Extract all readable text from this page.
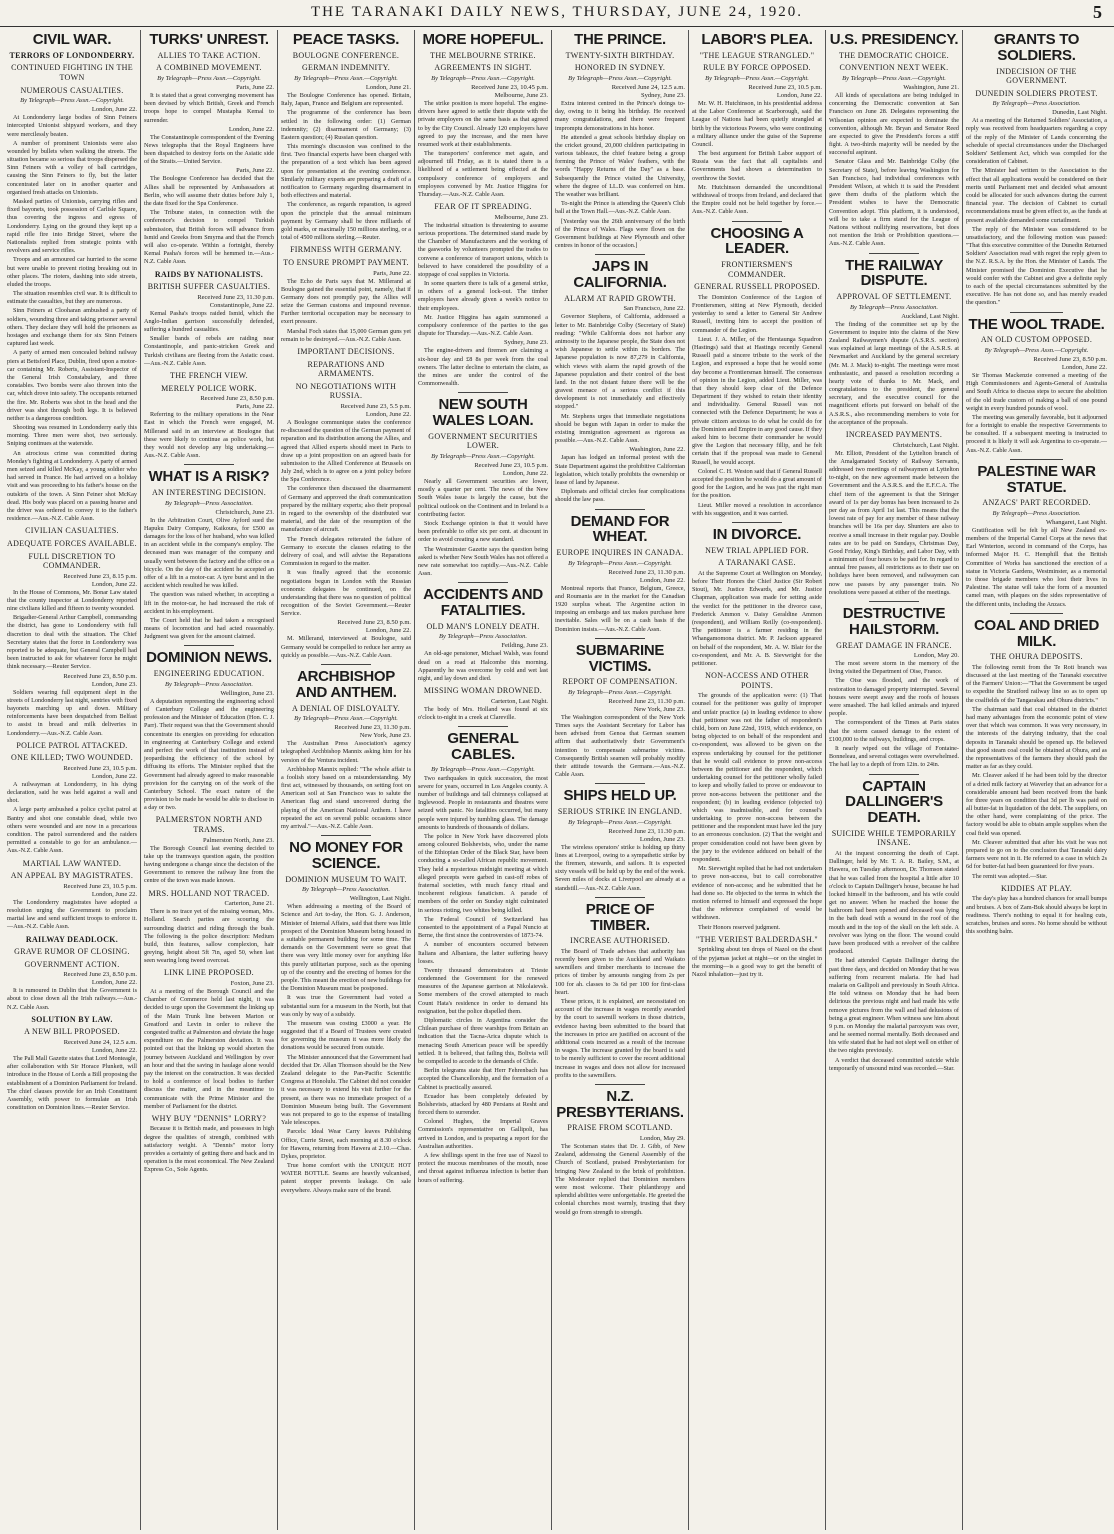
THE TARANAKI DAILY NEWS, THURSDAY, JUNE 24, 1920.	5
CIVIL WAR.
TERRORS OF LONDONDERRY.
CONTINUED FIGHTING IN THE TOWN
NUMEROUS CASUALTIES.
By Telegraph—Press Assn.—Copyright.
London, June 22.

At Londonderry large bodies of Sinn Feiners intercepted Unionist shipyard workers, and they were mercilessly beaten.

A number of prominent Unionists were also wounded by bullets when walking the streets. The situation became so serious that troops dispersed the Sinn Feiners with a volley of ball cartridges, causing the Sinn Feiners to fly, but the latter concentrated later on in another quarter and organised fresh attacks on Unionists.

Masked parties of Unionists, carrying rifles and fixed bayonets, took possession of Carlisle Square, thus covering the ingress and egress of Londonderry. Lying on the ground they kept up a rapid rifle fire into Bridge Street, where the Nationalists replied from strategic points with revolvers and service rifles.

Troops and an armoured car hurried to the scene but were unable to prevent rioting breaking out in other places. The rioters, dashing into side streets, eluded the troops.

The situation resembles civil war. It is difficult to estimate the casualties, but they are numerous.

Sinn Feiners at Clooharan ambushed a party of soldiers, wounding three and taking prisoner several others. They declare they will hold the prisoners as hostages and exchange them for six Sinn Feiners captured last week.

A party of armed men concealed behind railway piers at Bettsford Place, Dublin, fired upon a motor-car containing Mr. Roberts, Assistant-Inspector of the General Irish Constabulary, and three constables. Two bombs were also thrown into the car, which drove into safety. The occupants returned the fire. Mr. Roberts was shot in the head and the driver was shot through both legs. It is believed neither is a dangerous condition.

Shooting was resumed in Londonderry early this morning. Three men were shot, two seriously. Sniping continues at the waterside.

An atrocious crime was committed during Monday's fighting at Londonderry. A party of armed men seized and killed McKay, a young soldier who had served in France. He had arrived on a holiday visit and was proceeding to his father's house on the outskirts of the town. A Sinn Feiner shot McKay dead. His body was placed on a passing hearse and the driver was ordered to convey it to the father's residence.—Aus.-N.Z. Cable Assn.

CIVILIAN CASUALTIES.
ADEQUATE FORCES AVAILABLE.
FULL DISCRETION TO COMMANDER.
Received June 23, 8.15 p.m.
London, June 22.

In the House of Commons, Mr. Bonar Law stated that the county inspector at Londonderry reported nine civilians killed and fifteen to twenty wounded.

Brigadier-General Arthur Campbell, commanding the district, has gone to Londonderry with full discretion to deal with the situation. The Chief Secretary states that the force in Londonderry was reported to be adequate, but General Campbell had been instructed to ask for whatever force he might think necessary.—Reuter Service.

Received June 23, 8.50 p.m.
London, June 23.

Soldiers wearing full equipment slept in the streets of Londonderry last night, sentries with fixed bayonets marching up and down. Military reinforcements have been despatched from Belfast to assist in bread and milk deliveries in Londonderry.—Aus.-N.Z. Cable Assn.

POLICE PATROL ATTACKED.
ONE KILLED; TWO WOUNDED.
Received June 23, 10.5 p.m.
London, June 22.

A railwayman at Londonderry, in his dying declaration, said he was held against a wall and shot.

A large party ambushed a police cyclist patrol at Bantry and shot one constable dead, while two others were wounded and are now in a precarious condition. The patrol surrendered and the raiders permitted a constable to go for an ambulance.—Aus.-N.Z. Cable Assn.

MARTIAL LAW WANTED.
AN APPEAL BY MAGISTRATES.
Received June 23, 10.5 p.m.
London, June 22.

The Londonderry magistrates have adopted a resolution urging the Government to proclaim martial law and send sufficient troops to enforce it.—Aus.-N.Z. Cable Assn.

RAILWAY DEADLOCK.
GRAVE RUMOR OF CLOSING.
GOVERNMENT ACTION.
Received June 23, 8.50 p.m.
London, June 22.

It is rumoured in Dublin that the Government is about to close down all the Irish railways.—Aus.-N.Z. Cable Assn.

SOLUTION BY LAW.
A NEW BILL PROPOSED.
Received June 24, 12.5 a.m.
London, June 22.

The Pall Mall Gazette states that Lord Monteagle, after collaboration with Sir Horace Plunkett, will introduce in the House of Lords a Bill proposing the establishment of a Dominion Parliament for Ireland. The chief clauses provide for an Irish Constituent Assembly, with power to formulate an Irish constitution on Dominion lines.—Reuter Service.

TURKS' UNREST.
ALLIES TO TAKE ACTION.
A COMBINED MOVEMENT.
By Telegraph—Press Assn.—Copyright.
Paris, June 22.

It is stated that a great converging movement has been devised by which British, Greek and French troops hope to compel Mustapha Kemal to surrender.

London, June 22.

The Constantinople correspondent of the Evening News telegraphs that the Royal Engineers have been dispatched to destroy forts on the Asiatic side of the Straits.—United Service.

Paris, June 22.

The Boulogne Conference has decided that the Allies shall be represented by Ambassadors at Berlin, who will assume their duties before July 1, the date fixed for the Spa Conference.

The Tribune states, in connection with the conference's decision to compel Turkish submission, that British forces will advance from Ismid and Greeks from Smyrna and that the French will also co-operate. Within a fortnight, thereby Kemal Pasha's forces will be hemmed in.—Aus.-N.Z. Cable Assn.

RAIDS BY NATIONALISTS.
BRITISH SUFFER CASUALTIES.
Received June 23, 11.30 p.m.
Constantinople, June 22.

Kemal Pasha's troops raided Ismid, which the Anglo-Indian garrison successfully defended, suffering a hundred casualties.

Smaller bands of rebels are raiding near Constantinople, and panic-stricken Greek and Turkish civilians are fleeing from the Asiatic coast.—Aus.-N.Z. Cable Assn.

THE FRENCH VIEW.
MERELY POLICE WORK.
Received June 23, 8.50 p.m.
Paris, June 22.

Referring to the military operations in the Near East in which the French were engaged, M. Millerand said in an interview at Boulogne that these were likely to continue as police work, but they would not develop any big undertaking.—Aus.-N.Z. Cable Assn.

WHAT IS A RISK?
AN INTERESTING DECISION.
By Telegraph—Press Association.
Christchurch, June 23.

In the Arbitration Court, Olive Ayford sued the Hapuku Dairy Company, Kaikoura, for £500 as damages for the loss of her husband, who was killed in an accident while in the company's employ. The deceased man was manager of the company and usually went between the factory and the office on a bicycle. On the day of the accident he accepted an offer of a lift in a motor-car. A tyre burst and in the accident which resulted he was killed.

The question was raised whether, in accepting a lift in the motor-car, he had increased the risk of accident in his employment.

The Court held that he had taken a recognised means of locomotion and had acted reasonably. Judgment was given for the amount claimed.

DOMINION NEWS.
ENGINEERING EDUCATION.
By Telegraph—Press Association.
Wellington, June 23.

A deputation representing the engineering school of Canterbury College and the engineering profession and the Minister of Education (Hon. C. J. Parr). Their request was that the Government should concentrate its energies on providing for education in engineering at Canterbury College and extend and perfect the work of that institution instead of jeopardising the efficiency of the school by diffusing its efforts. The Minister replied that the Government had already agreed to make reasonable provision for the carrying on of the work of the Canterbury School. The exact nature of the provision to be made he would be able to disclose in a day or two.

PALMERSTON NORTH AND TRAMS.
Palmerston North, June 23.

The Borough Council last evening decided to take up the tramways question again, the position having undergone a change since the decision of the Government to remove the railway line from the centre of the town was made known.

MRS. HOLLAND NOT TRACED.
Carterton, June 21.

There is no trace yet of the missing woman, Mrs. Holland. Search parties are scouring the surrounding district and riding through the bush. The following is the police description: Medium build, thin features, sallow complexion, hair greying, height about 5ft 7in, aged 50, when last seen wearing long tweed overcoat.

LINK LINE PROPOSED.
Foxton, June 23.

At a meeting of the Borough Council and the Chamber of Commerce held last night, it was decided to urge upon the Government the linking up of the Main Trunk line between Marton or Greatford and Levin in order to relieve the congested traffic at Palmerston and obviate the huge expenditure on the Palmerston deviation. It was pointed out that the linking up would shorten the journey between Auckland and Wellington by over an hour and that the saving in haulage alone would pay the interest on the construction. It was decided to hold a conference of local bodies to further discuss the matter, and in the meantime to communicate with the Prime Minister and the member of Parliament for the district.

WHY BUY "DENNIS" LORRY?

Because it is British made, and possesses in high degree the qualities of strength, combined with satisfactory weight. A "Dennis" motor lorry provides a certainty of getting there and back and in operation is the most economical. The New Zealand Express Co., Sole Agents.

PEACE TASKS.
BOULOGNE CONFERENCE.
GERMAN INDEMNITY.
By Telegraph—Press Assn.—Copyright.
London, June 21.

The Boulogne Conference has opened. Britain, Italy, Japan, France and Belgium are represented.

The programme of the conference has been settled in the following order: (1) German indemnity; (2) disarmament of Germany; (3) Eastern question; (4) Russian question.

This morning's discussion was confined to the first. Two financial experts have been charged with the preparation of a text which has been agreed upon for presentation at the evening conference. Similarly military experts are preparing a draft of a notification to Germany regarding disarmament in both effectives and material.

The conference, as regards reparation, is agreed upon the principle that the annual minimum payment by Germany shall be three milliards of gold marks, or maximally 150 millions sterling, or a total of 4500 millions sterling.—Reuter.

FIRMNESS WITH GERMANY.
TO ENSURE PROMPT PAYMENT.
Paris, June 22.

The Echo de Paris says that M. Millerand at Boulogne gained the essential point, namely, that if Germany does not promptly pay, the Allies will seize the German customs and impound revenue. Further territorial occupation may be necessary to exert pressure.

Marshal Foch states that 15,000 German guns yet remain to be destroyed.—Aus.-N.Z. Cable Assn.

IMPORTANT DECISIONS.
REPARATIONS AND ARMAMENTS.
NO NEGOTIATIONS WITH RUSSIA.
Received June 23, 5.5 p.m.
London, June 22.

A Boulogne communique states the conference re-discussed the question of the German payment of reparation and its distribution among the Allies, and agreed that Allied experts should meet in Paris to draw up a joint proposition on an agreed basis for submission to the Allied Conference at Brussels on July 2nd, which is to agree on a joint policy before the Spa Conference.

The conference then discussed the disarmament of Germany and approved the draft communication prepared by the military experts; also their proposal in regard to the ownership of the distributed war material, and the date of the resumption of the manufacture of aircraft.

The French delegates reiterated the failure of Germany to execute the clauses relating to the delivery of coal, and will advise the Reparations Commission in regard to the matter.

It was finally agreed that the economic negotiations begun in London with the Russian economic delegates be continued, on the understanding that there was no question of political recognition of the Soviet Government.—Reuter Service.

Received June 23, 8.50 p.m.
London, June 22.

M. Millerand, interviewed at Boulogne, said Germany would be compelled to reduce her army as quickly as possible.—Aus.-N.Z. Cable Assn.

ARCHBISHOP AND ANTHEM.
A DENIAL OF DISLOYALTY.
By Telegraph—Press Assn.—Copyright.
Received June 23, 11.30 p.m.
New York, June 23.

The Australian Press Association's agency telegraphed Archbishop Mannix asking him for his version of the Ventura incident.

Archbishop Mannix replied: "The whole affair is a foolish story based on a misunderstanding. My first act, witnessed by thousands, on setting foot on American soil at San Francisco was to salute the American flag and stand uncovered during the playing of the American National Anthem. I have repeated the act on several public occasions since my arrival."—Aus.-N.Z. Cable Assn.

NO MONEY FOR SCIENCE.
DOMINION MUSEUM TO WAIT.
By Telegraph—Press Association.
Wellington, Last Night.

When addressing a meeting of the Board of Science and Art to-day, the Hon. G. J. Anderson, Minister of Internal Affairs, said that there was little prospect of the Dominion Museum being housed in a suitable permanent building for some time. The demands on the Government were so great that there was very little money over for anything like this purely utilitarian purpose, such as the opening up of the country and the erecting of homes for the people. This meant the erection of new buildings for the Dominion Museum must be postponed.

It was true the Government had voted a substantial sum for a museum in the North, but that was only by way of a subsidy.

The museum was costing £3000 a year. He suggested that if a Board of Trustees were created for governing the museum it was more likely the donations would be secured from outside.

The Minister announced that the Government had decided that Dr. Allan Thomson should be the New Zealand delegate to the Pan-Pacific Scientific Congress at Honolulu. The Cabinet did not consider it was necessary to extend his visit further for the present, as there was no immediate prospect of a Dominion Museum being built. The Government was not prepared to go to the expense of installing Yale telescopes.

Parcels: Ideal Wear Carry leaves Publishing Office, Currie Street, each morning at 8.30 o'clock for Hawera, returning from Hawera at 2.10.—Chas. Dykes, proprietor.

True home comfort with the UNIQUE HOT WATER BOTTLE. Seams are heavily vulcanised, patent stopper prevents leakage. On sale everywhere. Always make sure of the brand.

MORE HOPEFUL.
THE MELBOURNE STRIKE.
AGREEMENTS IN SIGHT.
By Telegraph—Press Assn.—Copyright.
Received June 23, 10.45 p.m.
Melbourne, June 23.

The strike position is more hopeful. The engine-drivers have agreed to settle their dispute with the private employers on the same basis as that agreed to by the City Council. Already 120 employers have agreed to pay the increase, and the men have resumed work at their establishments.

The transporters' conference met again, and adjourned till Friday, as it is stated there is a likelihood of a settlement being effected at the compulsory conference of employers and employees convened by Mr. Justice Higgins for Thursday.—Aus.-N.Z. Cable Assn.

FEAR OF IT SPREADING.
Melbourne, June 23.

The industrial situation is threatening to assume serious proportions. The determined stand made by the Chamber of Manufacturers and the working of the gasworks by volunteers prompted the trades to convene a conference of transport unions, which is believed to have considered the possibility of a stoppage of coal supplies in Victoria.

In some quarters there is talk of a general strike, in others of a general lock-out. The timber employers have already given a week's notice to their employees.

Mr. Justice Higgins has again summoned a compulsory conference of the parties to the gas dispute for Thursday.—Aus.-N.Z. Cable Assn.

Sydney, June 23.

The engine-drivers and firemen are claiming a six-hour day and £8 8s per week from the coal owners. The latter decline to entertain the claim, as the mines are under the control of the Commonwealth.

NEW SOUTH WALES LOAN.
GOVERNMENT SECURITIES LOWER.
By Telegraph—Press Assn.—Copyright.
Received June 23, 10.5 p.m.
London, June 22.

Nearly all Government securities are lower, mostly a quarter per cent. The news of the New South Wales issue is largely the cause, but the political outlook on the Continent and in Ireland is a contributing factor.

Stock Exchange opinion is that it would have been preferable to offer six per cent. at discount in order to avoid creating a new standard.

The Westminster Gazette says the question being asked is whether New South Wales has not offered a new rate somewhat too rapidly.—Aus.-N.Z. Cable Assn.

ACCIDENTS AND FATALITIES.
OLD MAN'S LONELY DEATH.
By Telegraph—Press Association.
Feilding, June 23.

An old-age pensioner, Michael Walsh, was found dead on a road at Halcombe this morning. Apparently he was overcome by cold and wet last night, and lay down and died.

MISSING WOMAN DROWNED.
Carterton, Last Night.

The body of Mrs. Holland was found at six o'clock to-night in a creek at Clareville.

GENERAL CABLES.
By Telegraph—Press Assn.—Copyright.

Two earthquakes in quick succession, the most severe for years, occurred in Los Angeles county. A number of buildings and tall chimneys collapsed at Inglewood. People in restaurants and theatres were seized with panic. No fatalities occurred, but many people were injured by tumbling glass. The damage amounts to hundreds of thousands of dollars.

The police in New York have discovered plots among coloured Bolshevists, who, under the name of the Ethiopian Order of the Black Star, have been conducting a so-called African republic movement. They held a mysterious midnight meeting at which alleged precepts were garbed in cast-off robes of fraternal societies, with much fancy ritual and incoherent religious fanaticism. A parade of members of the order on Sunday night culminated in serious rioting, two whites being killed.

The Federal Council of Switzerland has consented to the appointment of a Papal Nuncio at Berne, the first since the controversies of 1873-74.

A number of encounters occurred between Italians and Albanians, the latter suffering heavy losses.

Twenty thousand demonstrators at Trieste condemned the Government for the renewed measures of the Japanese garrison at Nikolaievsk. Some members of the crowd attempted to reach Count Hata's residence in order to demand his resignation, but the police dispelled them.

Diplomatic circles in Argentina consider the Chilean purchase of three warships from Britain an indication that the Tacna-Arica dispute which is menacing South American peace will be speedily settled. It is believed, that failing this, Bolivia will be compelled to accede to the demands of Chile.

Berlin telegrams state that Herr Fehrenbach has accepted the Chancellorship, and the formation of a Cabinet is practically assured.

Ecuador has been completely defeated by Bolshevists, attacked by 480 Persians at Resht and forced them to surrender.

Colonel Hughes, the Imperial Graves Commission's representative on Gallipoli, has arrived in London, and is preparing a report for the Australian authorities.

A few shillings spent in the free use of Nazol to protect the mucous membranes of the mouth, nose and throat against influenza infection is better than hours of suffering.

THE PRINCE.
TWENTY-SIXTH BIRTHDAY.
HONORED IN SYDNEY.
By Telegraph—Press Assn.—Copyright.
Received June 24, 12.5 a.m.
Sydney, June 23.

Extra interest centred in the Prince's doings to-day, owing to it being his birthday. He received many congratulations, and there were frequent impromptu demonstrations in his honor.

He attended a great schools birthday display on the cricket ground, 20,000 children participating in various tableaux, the chief feature being a group forming the Prince of Wales' feathers, with the words "Happy Returns of the Day" as a base. Subsequently the Prince visited the University, where the degree of LL.D. was conferred on him. The weather was brilliant.

To-night the Prince is attending the Queen's Club ball at the Town Hall.—Aus.-N.Z. Cable Assn.

[Yesterday was the 26th anniversary of the birth of the Prince of Wales. Flags were flown on the Government buildings at New Plymouth and other centres in honor of the occasion.]

JAPS IN CALIFORNIA.
ALARM AT RAPID GROWTH.
San Francisco, June 22.

Governor Stephens, of California, addressed a letter to Mr. Bainbridge Colby (Secretary of State) reading: "While California does not harbor any animosity to the Japanese people, the State does not wish Japanese to settle within its borders. The Japanese population is now 87,279 in California, which views with alarm the rapid growth of the Japanese population and their control of the best land. In the not distant future there will be the gravest menace of a serious conflict if this development is not immediately and effectively stopped."

Mr. Stephens urges that immediate negotiations should be begun with Japan in order to make the existing immigration agreement as rigorous as possible.—Aus.-N.Z. Cable Assn.

Washington, June 22.

Japan has lodged an informal protest with the State Department against the prohibitive Californian legislation, which totally prohibits the ownership or lease of land by Japanese.

Diplomats and official circles fear complications should the law pass.

DEMAND FOR WHEAT.
EUROPE INQUIRES IN CANADA.
By Telegraph—Press Assn.—Copyright.
Received June 23, 11.30 p.m.
London, June 22.

Montreal reports that France, Belgium, Greece, and Roumania are in the market for the Canadian 1920 surplus wheat. The Argentine action in imposing an embargo and tax makes purchase here inevitable. Sales will be on a cash basis if the Dominion insists.—Aus.-N.Z. Cable Assn.

SUBMARINE VICTIMS.
REPORT OF COMPENSATION.
By Telegraph—Press Assn.—Copyright.
Received June 23, 11.30 p.m.
New York, June 23.

The Washington correspondent of the New York Times says the Assistant Secretary for Labor has been advised from Genoa that German seamen affirm that authoritatively their Government's intention to compensate submarine victims. Consequently British seamen will probably modify their attitude towards the Germans.—Aus.-N.Z. Cable Assn.

SHIPS HELD UP.
SERIOUS STRIKE IN ENGLAND.
By Telegraph—Press Assn.—Copyright.
Received June 23, 11.30 p.m.
London, June 23.

The wireless operators' strike is holding up thirty lines at Liverpool, owing to a sympathetic strike by the firemen, stewards, and sailors. It is expected sixty vessels will be held up by the end of the week. Seven miles of docks at Liverpool are already at a standstill.—Aus.-N.Z. Cable Assn.

PRICE OF TIMBER.
INCREASE AUTHORISED.

The Board of Trade advises that authority has recently been given to the Auckland and Waikato sawmillers and timber merchants to increase the prices of timber by amounts ranging from 2s per 100 for ah. classes to 3s 6d per 100 for first-class heart.

These prices, it is explained, are necessitated on account of the increase in wages recently awarded by the court to sawmill workers in those districts, evidence having been submitted to the board that the increases in price are justified on account of the additional costs incurred as a result of the increase in wages. The increase granted by the board is said to be merely sufficient to cover the recent additional increase in wages and does not allow for increased profits to the sawmillers.

N.Z. PRESBYTERIANS.
PRAISE FROM SCOTLAND.
London, May 29.

The Scotsman states that Dr. J. Gibb, of New Zealand, addressing the General Assembly of the Church of Scotland, praised Presbyterianism for bringing New Zealand to the brink of prohibition. The Moderator replied that Dominion members were most welcome. Their philanthropy and splendid abilities were unforgettable. He greeted the colonial churches most warmly, trusting that they would go from strength to strength.

LABOR'S PLEA.
"THE LEAGUE STRANGLED."
RULE BY FORCE OPPOSED.
By Telegraph—Press Assn.—Copyright.
Received June 23, 10.5 p.m.
London, June 22.

Mr. W. H. Hutchinson, in his presidential address at the Labor Conference at Scarborough, said the League of Nations had been quietly strangled at birth by the victorious Powers, who were continuing a military alliance under the guise of the Supreme Council.

The best argument for British Labor support of Russia was the fact that all capitalists and Governments had shown a determination to overthrow the Soviet.

Mr. Hutchinson demanded the unconditional withdrawal of troops from Ireland, and declared that the Empire could not be held together by force.—Aus.-N.Z. Cable Assn.

CHOOSING A LEADER.
FRONTIERSMEN'S COMMANDER.
GENERAL RUSSELL PROPOSED.

The Dominion Conference of the Legion of Frontiersmen, sitting at New Plymouth, decided yesterday to send a letter to General Sir Andrew Russell, inviting him to accept the position of commander of the Legion.

Lieut. J. A. Miller, of the Herstaunga Squadron (Hastings) said that at Hastings recently General Russell paid a sincere tribute to the work of the Legion, and expressed a hope that he would some day become a Frontiersman himself. The consensus of opinion in the Legion, added Lieut. Miller, was that they should keep clear of the Defence Department if they wished to retain their identity and individuality. General Russell was not connected with the Defence Department; he was a private citizen anxious to do what he could do for the Dominion and Empire in any good cause. If they asked him to become their commander he would give the Legion that necessary fillip, and he felt certain that if the proposal was made to General Russell, he would accept.

Colonel C. H. Weston said that if General Russell accepted the position he would do a great amount of good for the Legion, and he was just the right man for the position.

Lieut. Miller moved a resolution in accordance with his suggestion, and it was carried.

IN DIVORCE.
NEW TRIAL APPLIED FOR.
A TARANAKI CASE.

At the Supreme Court at Wellington on Monday, before Their Honors the Chief Justice (Sir Robert Stout), Mr. Justice Edwards, and Mr. Justice Chapman, application was made for setting aside the verdict for the petitioner in the divorce case, Frederick Ammon v. Daisy Geraldine Ammon (respondent), and William Reilly (co-respondent). The petitioner is a farmer residing in the Whangamomona district. Mr. P. Jackson appeared on behalf of the respondent, Mr. A. W. Blair for the co-respondent, and Mr. A. B. Sievwright for the petitioner.

NON-ACCESS AND OTHER POINTS.

The grounds of the application were: (1) That counsel for the petitioner was guilty of improper and unfair practice (a) in leading evidence to show that petitioner was not the father of respondent's child, born on June 22nd, 1919, which evidence, on being objected to on behalf of the respondent and co-respondent, was allowed to be given on the express undertaking by counsel for the petitioner that he would call evidence to prove non-access between the petitioner and the respondent, which undertaking counsel for the petitioner wholly failed to keep and wholly failed to prove or endeavour to prove non-access between the petitioner and the respondent; (b) in leading evidence (objected to) which was inadmissible, and for counsel's undertaking to prove non-access between the petitioner and the respondent must have led the jury to an erroneous conclusion. (2) That the weight and proper consideration could not have been given by the jury to the evidence adduced on behalf of the respondent.

Mr. Sievwright replied that he had not undertaken to prove non-access, but to call corroborative evidence of non-access; and he submitted that he had done so. He objected to the terms in which the motion referred to himself and expressed the hope that the reference complained of would be withdrawn.

Their Honors reserved judgment.

"THE VERIEST BALDERDASH."

Sprinkling about ten drops of Nazol on the chest of the pyjamas jacket at night—or on the singlet in the morning—is a good way to get the benefit of Nazol inhalation—just try it.

U.S. PRESIDENCY.
THE DEMOCRATIC CHOICE.
CONVENTION NEXT WEEK.
By Telegraph—Press Assn.—Copyright.
Washington, June 21.

All kinds of speculations are being indulged in concerning the Democratic convention at San Francisco on June 28. Delegates representing the Wilsonian opinion are expected to dominate the convention, although Mr. Bryan and Senator Reed are expected to give the President's forces a stiff fight. A two-thirds majority will be needed by the successful aspirant.

Senator Glass and Mr. Bainbridge Colby (the Secretary of State), before leaving Washington for San Francisco, had individual conferences with President Wilson, at which it is said the President gave them drafts of the platform which the President wishes to have the Democratic Convention adopt. This platform, it is understood, will be to take a firm stand for the League of Nations without nullifying reservations, but does not mention the Irish or Prohibition questions.—Aus.-N.Z. Cable Assn.

THE RAILWAY DISPUTE.
APPROVAL OF SETTLEMENT.
By Telegraph—Press Association.
Auckland, Last Night.

The finding of the committee set up by the Government to inquire into the claims of the New Zealand Railwaymen's dispute (A.S.R.S. section) was explained at large meetings of the A.S.R.S. at Newmarket and Auckland by the general secretary (Mr. M. J. Mack) to-night. The meetings were most enthusiastic, and passed a resolution recording a hearty vote of thanks to Mr. Mack, and congratulations to the president, the general secretary, and the executive council for the magnificent efforts put forward on behalf of the A.S.R.S., also recommending members to vote for the acceptance of the proposals.

INCREASED PAYMENTS.
Christchurch, Last Night.

Mr. Elliott, President of the Lyttelton branch of the Amalgamated Society of Railway Servants, addressed two meetings of railwaymen at Lyttelton to-night, on the new agreement made between the Government and the A.S.R.S. and the E.F.C.A. The chief item of the agreement is that the Stringer award of 1s per day bonus has been increased to 2s per day as from April 1st last. This means that the lowest rate of pay for any member of these railway branches will be 16s per day. Shunters are also to receive a small increase in their regular pay. Double rates are to be paid on Sundays, Christmas Day, Good Friday, King's Birthday, and Labor Day, with a minimum of four hours to be paid for. In regard to annual free passes, all restrictions as to their use on holidays have been removed, and railwaymen can now use passes by any passenger train. No resolutions were passed at either of the meetings.

DESTRUCTIVE HAILSTORM.
GREAT DAMAGE IN FRANCE.
London, May 20.

The most severe storm in the memory of the living visited the Department of Oise, France.

The Oise was flooded, and the work of restoration to damaged property interrupted. Several houses were swept away and the roofs of houses were smashed. The hail killed animals and injured people.

The correspondent of the Times at Paris states that the storm caused damage to the extent of £100,000 to the railways, buildings, and crops.

It nearly wiped out the village of Fontaine-Bonneleau, and several cottages were overwhelmed. The hail lay to a depth of from 12in. to 24in.

CAPTAIN DALLINGER'S DEATH.
SUICIDE WHILE TEMPORARILY INSANE.

At the inquest concerning the death of Capt. Dallinger, held by Mr. T. A. R. Bailey, S.M., at Hawera, on Tuesday afternoon, Dr. Thomson stated that he was called from the hospital a little after 10 o'clock to Captain Dallinger's house, because he had locked himself in the bathroom, and his wife could get no answer. When he reached the house the bathroom had been opened and deceased was lying in the bath dead with a wound in the roof of the mouth and in the top of the skull on the left side. A revolver was lying on the floor. The wound could have been produced with a revolver of the calibre produced.

He had attended Captain Dallinger during the past three days, and decided on Monday that he was suffering from recurrent malaria. He had had malaria on Gallipoli and previously in South Africa. He told witness on Monday that he had been delirious the previous night and had made his wife remove pictures from the wall and had delusions of being a great engineer. When witness saw him about 9 p.m. on Monday the malarial paroxysm was over, and he seemed normal mentally. Both deceased and his wife stated that he had not slept well on either of the two nights previously.

A verdict that deceased committed suicide while temporarily of unsound mind was recorded.—Star.

GRANTS TO SOLDIERS.
INDECISION OF THE GOVERNMENT.
DUNEDIN SOLDIERS PROTEST.
By Telegraph—Press Association.
Dunedin, Last Night.

At a meeting of the Returned Soldiers' Association, a reply was received from headquarters regarding a copy of the reply of the Minister of Lands concerning the schedule of special circumstances under the Discharged Soldiers' Settlement Act, which was compiled for the consideration of Cabinet.

The Minister had written to the Association to the effect that all applications would be considered on their merits until Parliament met and decided what amount could be allocated for such advances during the current financial year. The decision of Cabinet to curtail recommendations must be given effect to, as the funds at present available demanded some curtailment.

The reply of the Minister was considered to be unsatisfactory, and the following motion was passed: "That this executive committee of the Dunedin Returned Soldiers' Association read with regret the reply given to the N.Z. R.S.A. by the Hon. the Minister of Lands. The Minister promised the Dominion Executive that he would confer with the Cabinet and give a definite reply to each of the special circumstances submitted by the executive. He has not done so, and has merely evaded the question."

THE WOOL TRADE.
AN OLD CUSTOM OPPOSED.
By Telegraph—Press Assn.—Copyright.
Received June 23, 8.50 p.m.
London, June 22.

Sir Thomas Mackenzie convened a meeting of the High Commissioners and Agents-General of Australia and South Africa to discuss steps to secure the abolition of the old trade custom of making a ball of one pound weight in every hundred pounds of wool.

The meeting was generally favorable, but it adjourned for a fortnight to enable the respective Governments to be consulted. If a subsequent meeting is instructed to proceed it is likely it will ask Argentina to co-operate.—Aus.-N.Z. Cable Assn.

PALESTINE WAR STATUE.
ANZACS' PART RECORDED.
By Telegraph—Press Association.
Whangarei, Last Night.

Gratification will be felt by all New Zealand ex-members of the Imperial Camel Corps at the news that Earl Winterton, second in command of the Corps, has informed Major H. C. Hemphill that the British Committee of Works has sanctioned the erection of a statue in Victoria Gardens, Westminster, as a memorial to those brigade members who lost their lives in Palestine. The statue will take the form of a mounted camel man, with plaques on the sides representative of the different units, including the Anzacs.

COAL AND DRIED MILK.
THE OHURA DEPOSITS.

The following remit from the Te Roti branch was discussed at the last meeting of the Taranaki executive of the Farmers' Union:—"That the Government be urged to expedite the Stratford railway line so as to open up the coalfields of the Tangarakau and Ohura districts."

The chairman said that coal obtained in the district had many advantages from the economic point of view over that which was common. It was very necessary, in the interests of the dairying industry, that the coal deposits in Taranaki should be opened up. He believed that good steam coal could be obtained at Ohura, and as the representatives of the farmers they should push the matter as far as they could.

Mr. Cleaver asked if he had been told by the director of a dried milk factory at Waverley that an advance for a considerable amount had been received from the bank for three years on condition that 3d per lb was paid on all butter-fat in liquidation of the debt. The suppliers, on the other hand, were complaining of the price. The factory would be able to obtain ample supplies when the coal field was opened.

Mr. Cleaver submitted that after his visit he was not prepared to go on to the conclusion that Taranaki dairy farmers were not in it. He referred to a case in which 2s 6d for butter-fat had been guaranteed for five years.

The remit was adopted.—Star.

KIDDIES AT PLAY.

The day's play has a hundred chances for small bumps and bruises. A box of Zam-Buk should always be kept in readiness. There's nothing to equal it for healing cuts, scratches, bruises and sores. No home should be without this soothing balm.
